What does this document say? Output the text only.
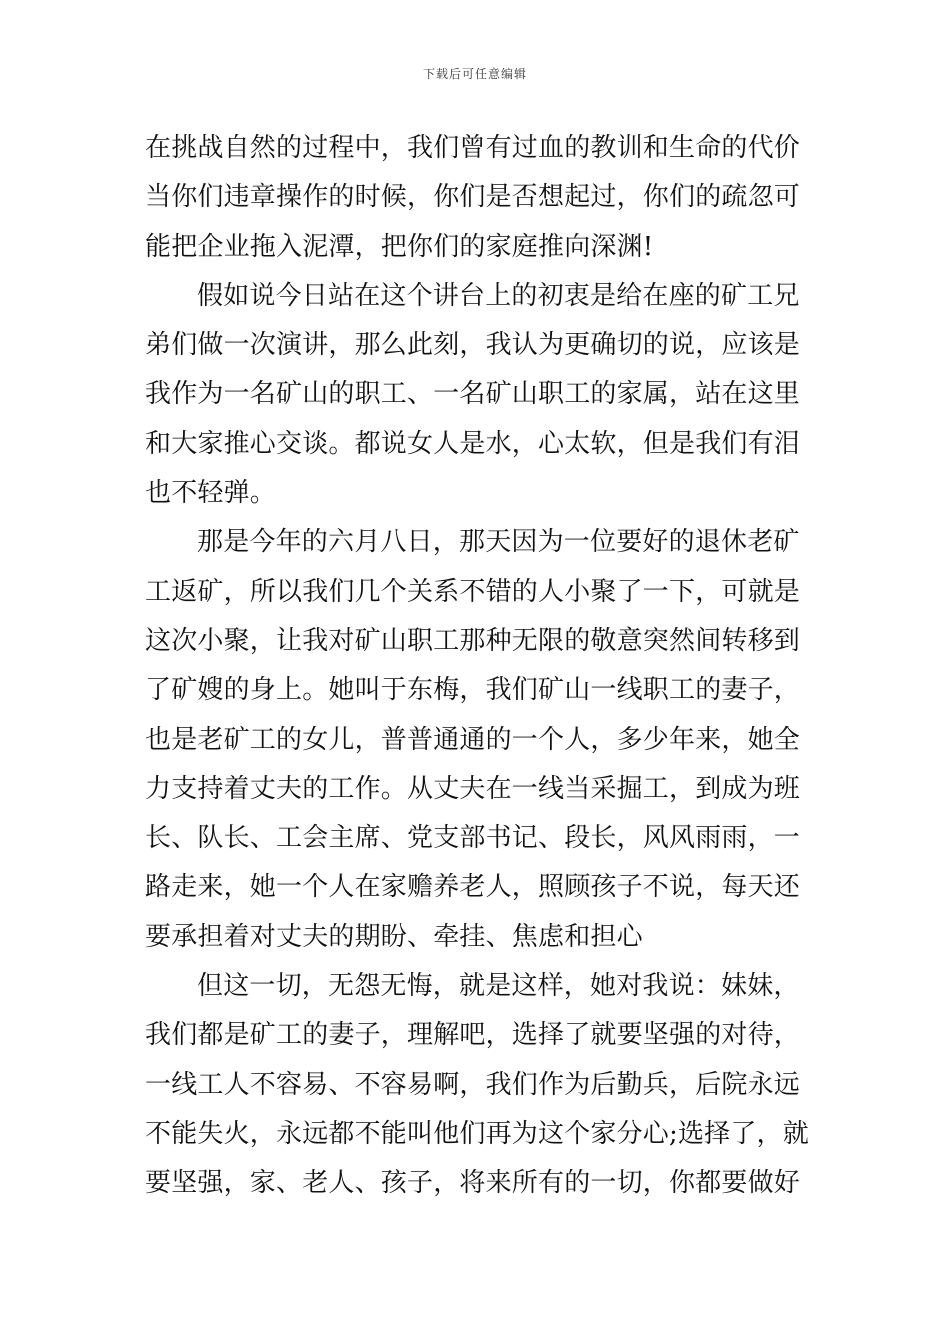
下载后可任意编辑
在挑战自然的过程中，我们曾有过血的教训和生命的代价
当你们违章操作的时候，你们是否想起过，你们的疏忽可
能把企业拖入泥潭，把你们的家庭推向深渊!
假如说今日站在这个讲台上的初衷是给在座的矿工兄
弟们做一次演讲，那么此刻，我认为更确切的说，应该是
我作为一名矿山的职工、一名矿山职工的家属，站在这里
和大家推心交谈。都说女人是水，心太软，但是我们有泪
也不轻弹。
那是今年的六月八日，那天因为一位要好的退休老矿
工返矿，所以我们几个关系不错的人小聚了一下，可就是
这次小聚，让我对矿山职工那种无限的敬意突然间转移到
了矿嫂的身上。她叫于东梅，我们矿山一线职工的妻子，
也是老矿工的女儿，普普通通的一个人，多少年来，她全
力支持着丈夫的工作。从丈夫在一线当采掘工，到成为班
长、队长、工会主席、党支部书记、段长，风风雨雨，一
路走来，她一个人在家赡养老人，照顾孩子不说，每天还
要承担着对丈夫的期盼、牵挂、焦虑和担心
但这一切，无怨无悔，就是这样，她对我说：妹妹，
我们都是矿工的妻子，理解吧，选择了就要坚强的对待，
一线工人不容易、不容易啊，我们作为后勤兵，后院永远
不能失火，永远都不能叫他们再为这个家分心;选择了，就
要坚强，家、老人、孩子，将来所有的一切，你都要做好
